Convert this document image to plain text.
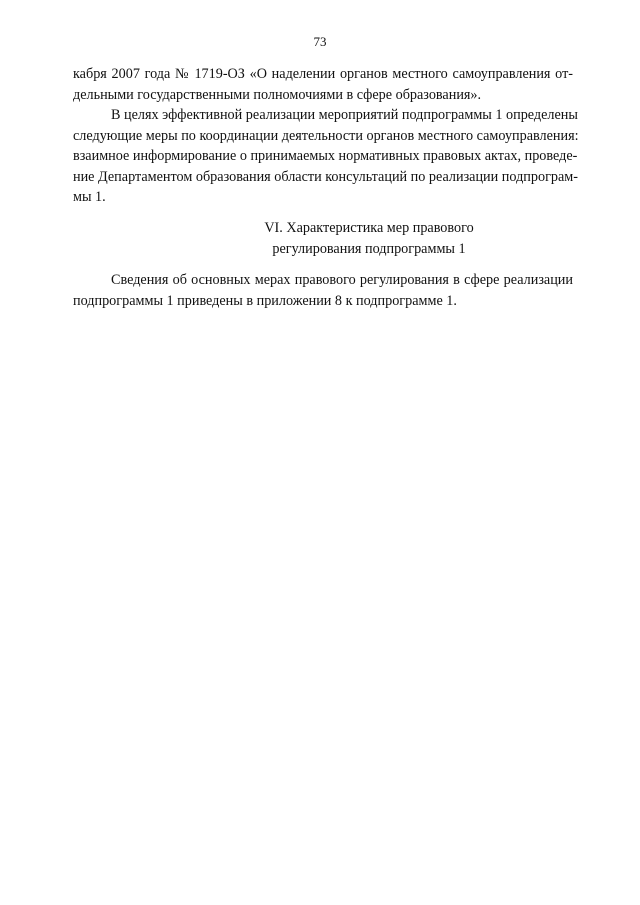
73
кабря 2007 года № 1719-ОЗ «О наделении органов местного самоуправления от-
дельными государственными полномочиями в сфере образования».
В целях эффективной реализации мероприятий подпрограммы 1 определены
следующие меры по координации деятельности органов местного самоуправления:
взаимное информирование о принимаемых нормативных правовых актах, проведе-
ние Департаментом образования области консультаций по реализации подпрограм-
мы 1.
VI. Характеристика мер правового
регулирования подпрограммы 1
Сведения об основных мерах правового регулирования в сфере реализации
подпрограммы 1 приведены в приложении 8 к подпрограмме 1.
